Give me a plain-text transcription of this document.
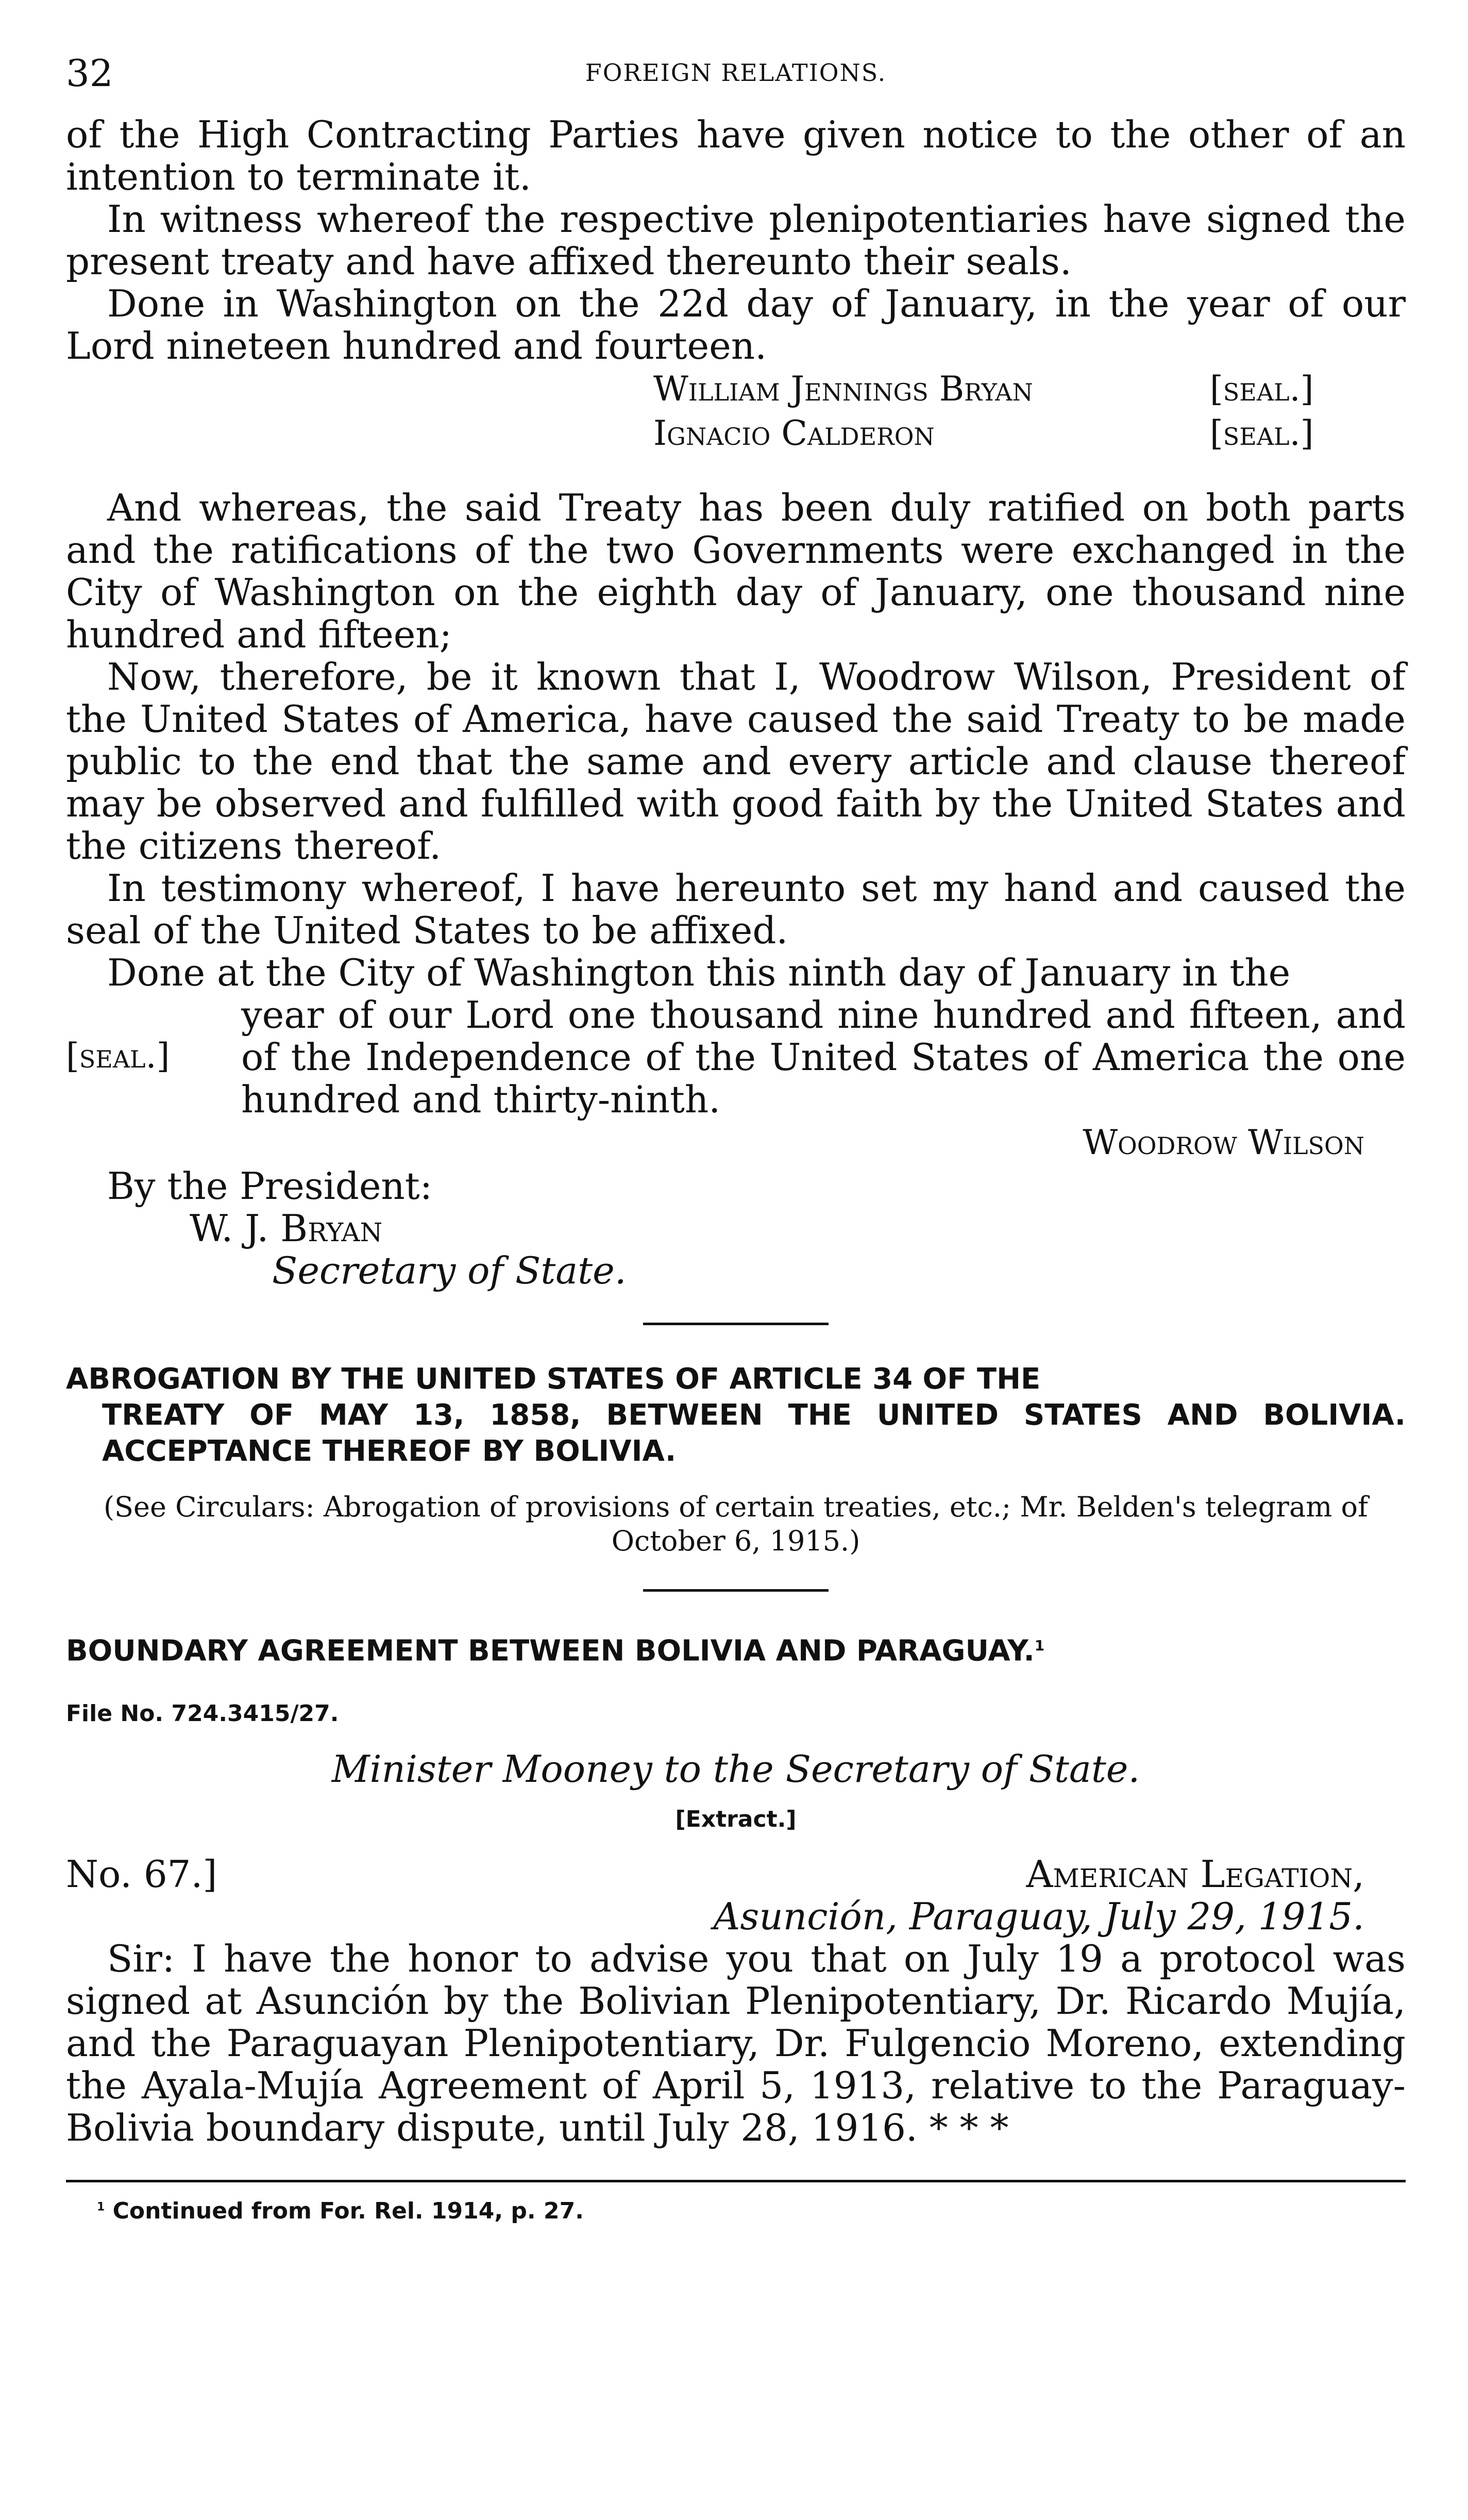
32	FOREIGN RELATIONS.

of the High Contracting Parties have given notice to the other of an intention to terminate it.

In witness whereof the respective plenipotentiaries have signed the present treaty and have affixed thereunto their seals.

Done in Washington on the 22d day of January, in the year of our Lord nineteen hundred and fourteen.

William Jennings Bryan	[seal.]
Ignacio Calderon	[seal.]

And whereas, the said Treaty has been duly ratified on both parts and the ratifications of the two Governments were exchanged in the City of Washington on the eighth day of January, one thousand nine hundred and fifteen;

Now, therefore, be it known that I, Woodrow Wilson, President of the United States of America, have caused the said Treaty to be made public to the end that the same and every article and clause thereof may be observed and fulfilled with good faith by the United States and the citizens thereof.

In testimony whereof, I have hereunto set my hand and caused the seal of the United States to be affixed.

Done at the City of Washington this ninth day of January in the

year of our Lord one thousand nine hundred and fifteen, and of the Independence of the United States of America the one hundred and thirty-ninth.

[seal.]
Woodrow Wilson

By the President:

W. J. Bryan

Secretary of State.

ABROGATION BY THE UNITED STATES OF ARTICLE 34 OF THE
TREATY OF MAY 13, 1858, BETWEEN THE UNITED STATES AND BOLIVIA. ACCEPTANCE THEREOF BY BOLIVIA.
(See Circulars: Abrogation of provisions of certain treaties, etc.; Mr. Belden's telegram of October 6, 1915.)
BOUNDARY AGREEMENT BETWEEN BOLIVIA AND PARAGUAY.$^1$
File No. 724.3415/27.
Minister Mooney to the Secretary of State.
[Extract.]
No. 67.]	American Legation,
Asunción, Paraguay, July 29, 1915.

Sir: I have the honor to advise you that on July 19 a protocol was signed at Asunción by the Bolivian Plenipotentiary, Dr. Ricardo Mujía, and the Paraguayan Plenipotentiary, Dr. Fulgencio Moreno, extending the Ayala-Mujía Agreement of April 5, 1913, relative to the Paraguay-Bolivia boundary dispute, until July 28, 1916. * * *

$^1$ Continued from For. Rel. 1914, p. 27.
